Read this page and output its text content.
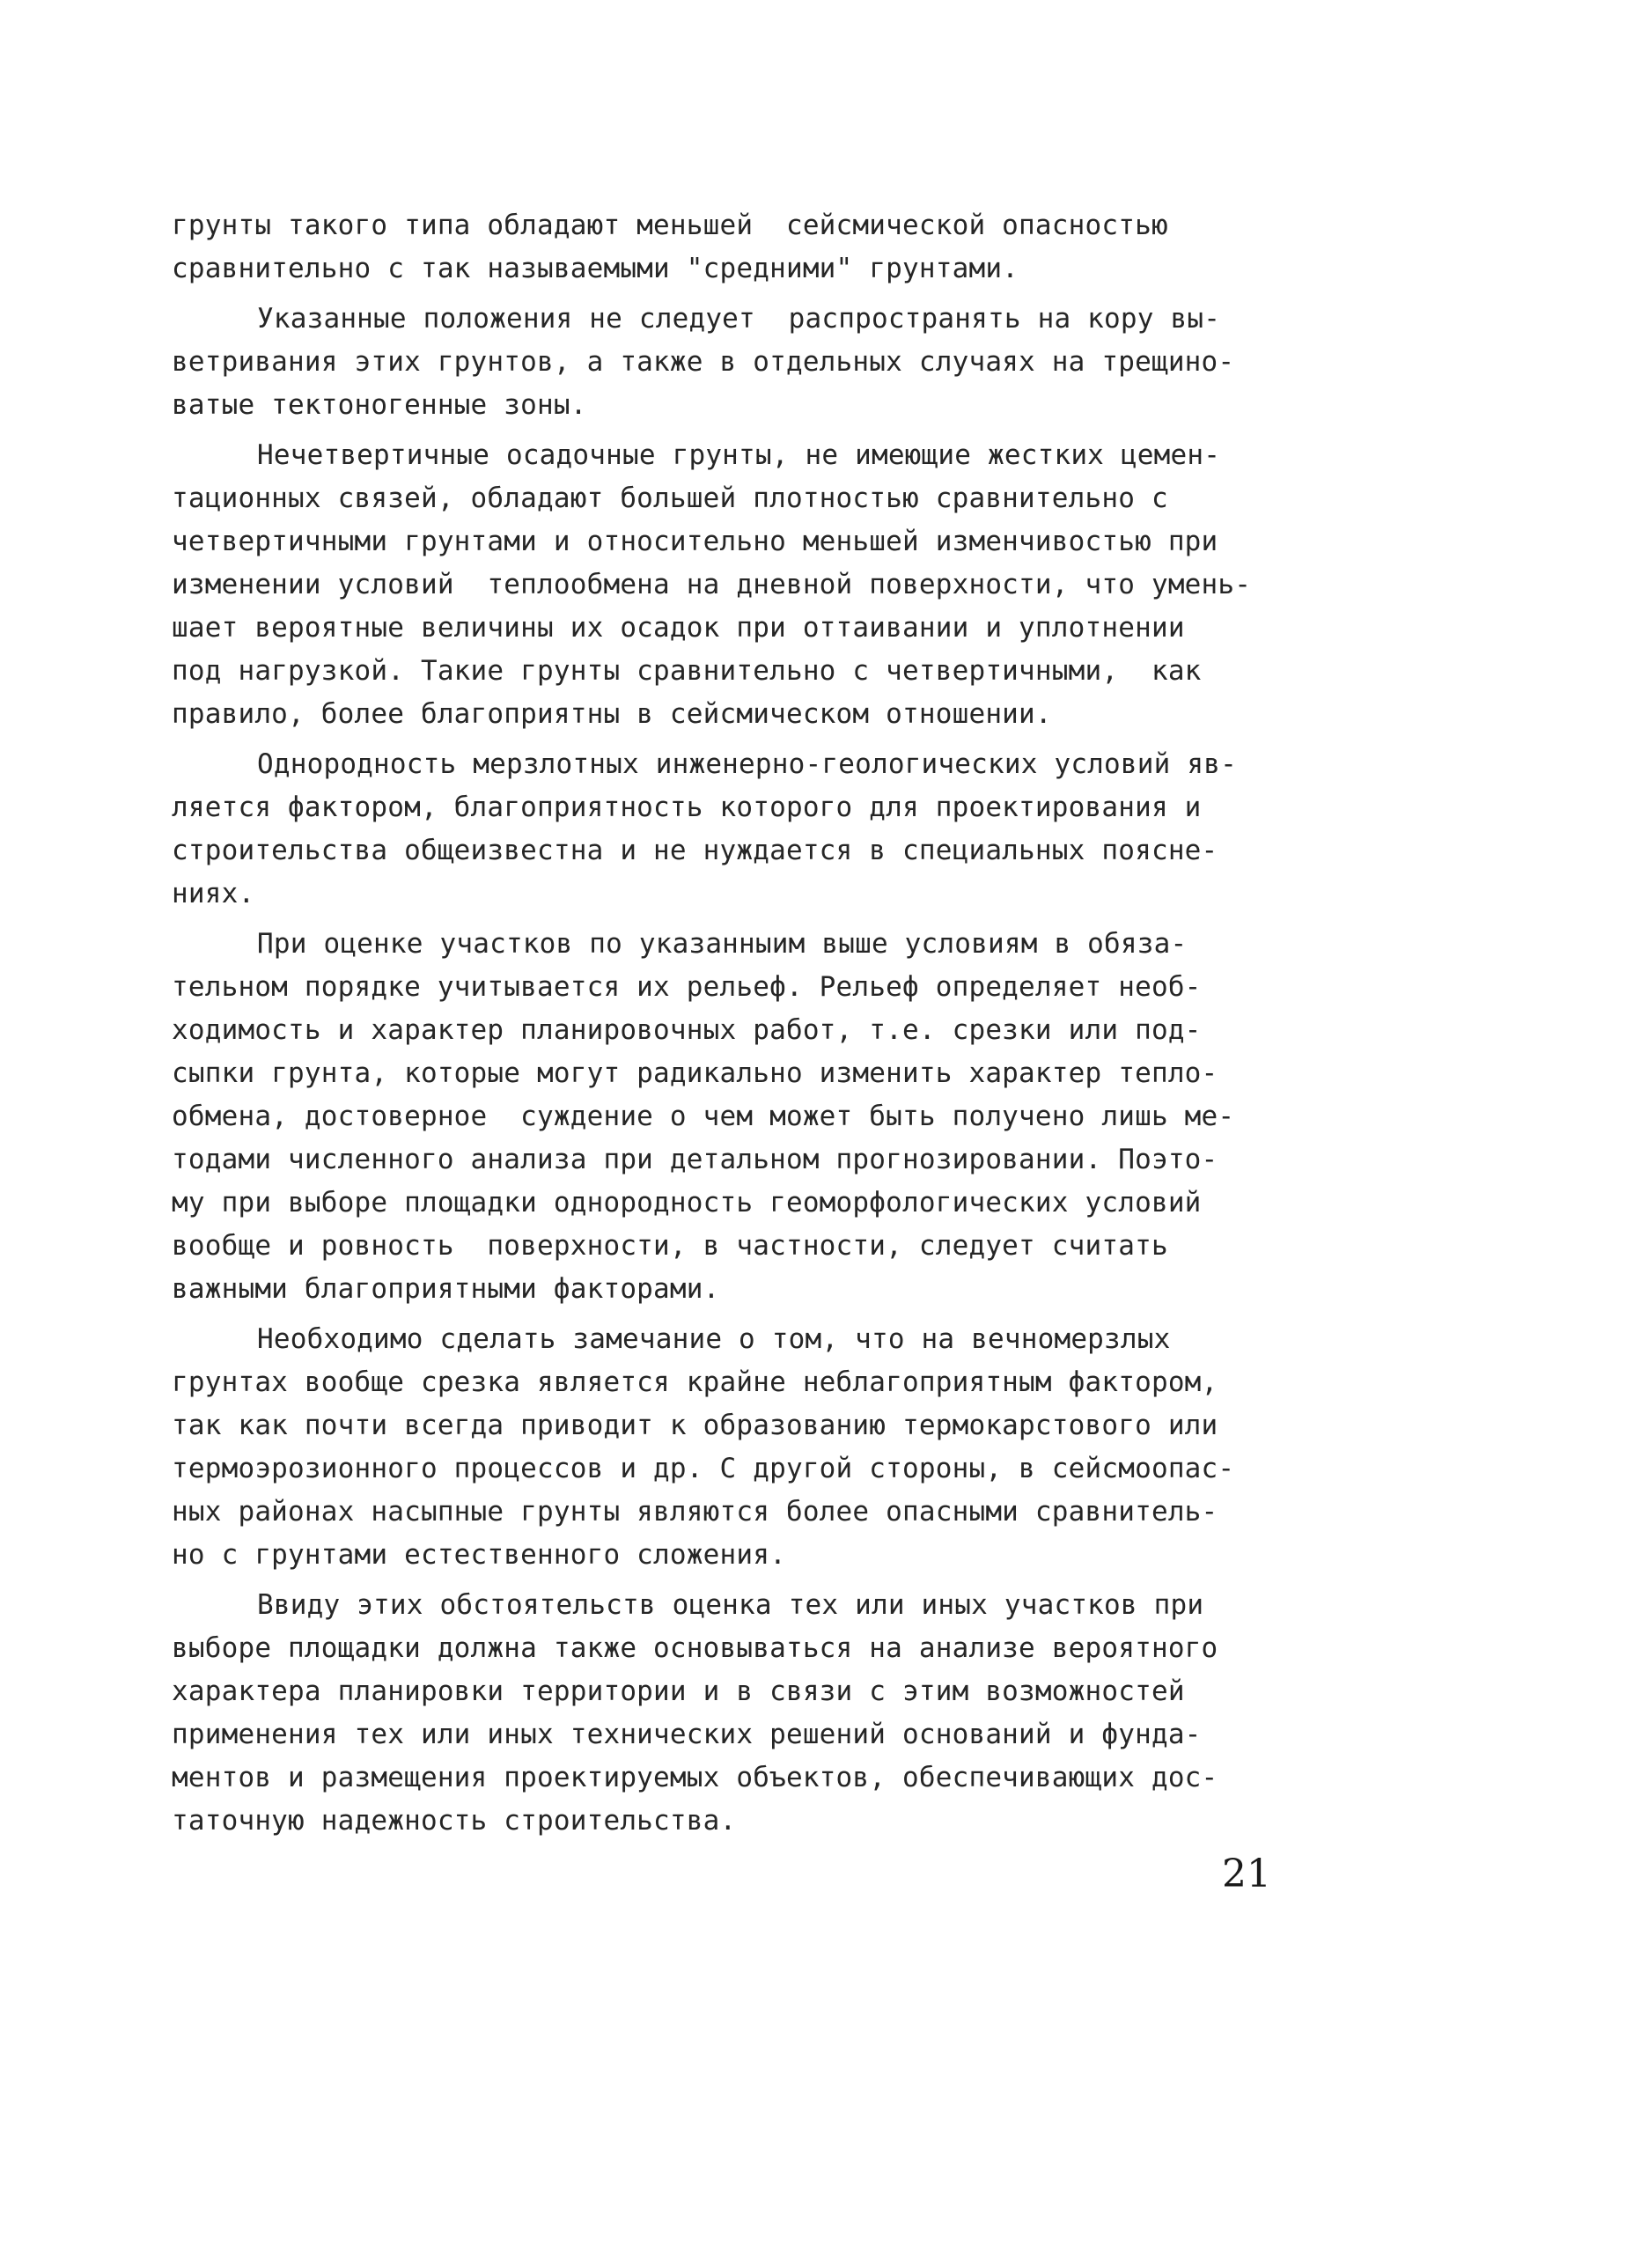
грунты такого типа обладают меньшей  сейсмической опасностью
сравнительно с так называемыми "средними" грунтами.
Указанные положения не следует  распространять на кору вы-
ветривания этих грунтов, а также в отдельных случаях на трещино-
ватые тектоногенные зоны.
Нечетвертичные осадочные грунты, не имеющие жестких цемен-
тационных связей, обладают большей плотностью сравнительно с
четвертичными грунтами и относительно меньшей изменчивостью при
изменении условий  теплообмена на дневной поверхности, что умень-
шает вероятные величины их осадок при оттаивании и уплотнении
под нагрузкой. Такие грунты сравнительно с четвертичными,  как
правило, более благоприятны в сейсмическом отношении.
Однородность мерзлотных инженерно-геологических условий яв-
ляется фактором, благоприятность которого для проектирования и
строительства общеизвестна и не нуждается в специальных поясне-
ниях.
При оценке участков по указанныим выше условиям в обяза-
тельном порядке учитывается их рельеф. Рельеф определяет необ-
ходимость и характер планировочных работ, т.е. срезки или под-
сыпки грунта, которые могут радикально изменить характер тепло-
обмена, достоверное  суждение о чем может быть получено лишь ме-
тодами численного анализа при детальном прогнозировании. Поэто-
му при выборе площадки однородность геоморфологических условий
вообще и ровность  поверхности, в частности, следует считать
важными благоприятными факторами.
Необходимо сделать замечание о том, что на вечномерзлых
грунтах вообще срезка является крайне неблагоприятным фактором,
так как почти всегда приводит к образованию термокарстового или
термоэрозионного процессов и др. С другой стороны, в сейсмоопас-
ных районах насыпные грунты являются более опасными сравнитель-
но с грунтами естественного сложения.
Ввиду этих обстоятельств оценка тех или иных участков при
выборе площадки должна также основываться на анализе вероятного
характера планировки территории и в связи с этим возможностей
применения тех или иных технических решений оснований и фунда-
ментов и размещения проектируемых объектов, обеспечивающих дос-
таточную надежность строительства.
21
